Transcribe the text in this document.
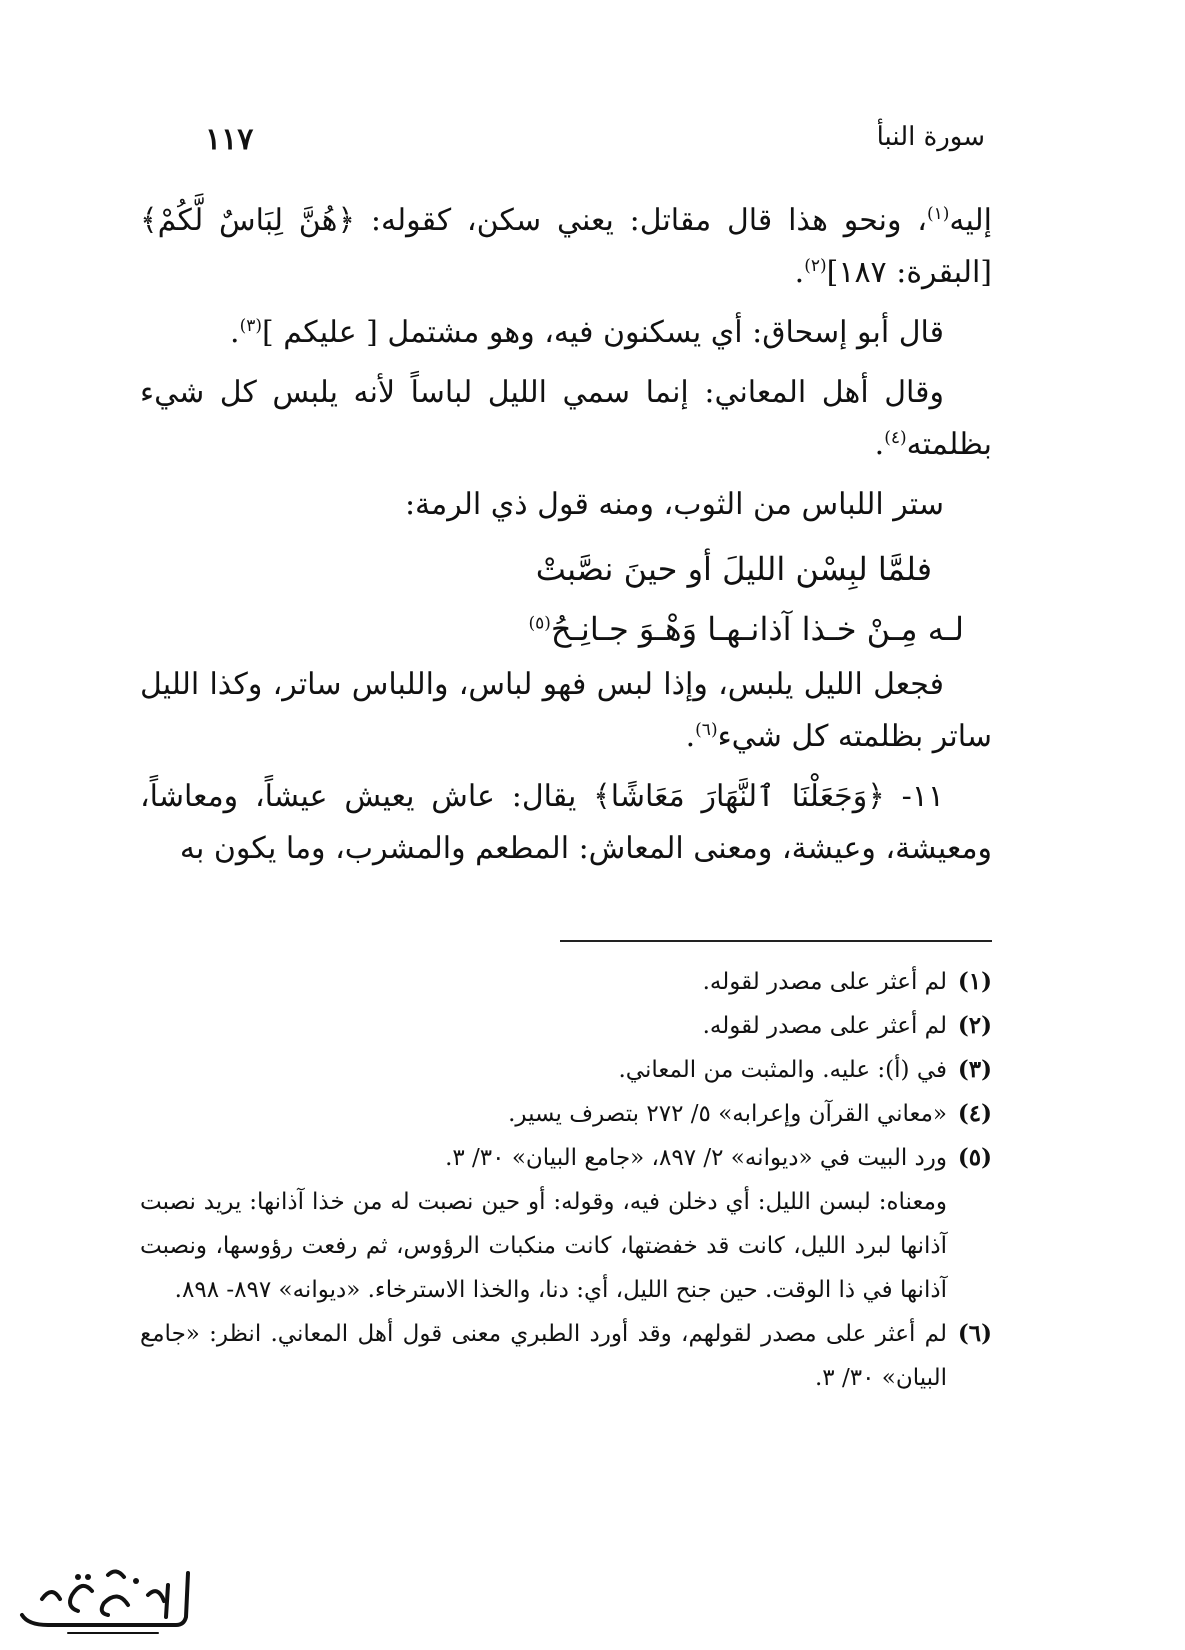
سورة النبأ
١١٧

إليه$^{(١)}$، ونحو هذا قال مقاتل: يعني سكن، كقوله: ﴿هُنَّ لِبَاسٌ لَّكُمْ﴾ [البقرة: ١٨٧]$^{(٢)}$.

قال أبو إسحاق: أي يسكنون فيه، وهو مشتمل [ عليكم ]$^{(٣)}$.

وقال أهل المعاني: إنما سمي الليل لباساً لأنه يلبس كل شيء بظلمته$^{(٤)}$.

ستر اللباس من الثوب، ومنه قول ذي الرمة:

فلمَّا لبِسْن الليلَ أو حينَ نصَّبتْ

لـه مِـنْ خـذا آذانـهـا وَهْـوَ جـانِـحُ$^{(٥)}$

فجعل الليل يلبس، وإذا لبس فهو لباس، واللباس ساتر، وكذا الليل ساتر بظلمته كل شيء$^{(٦)}$.

١١- ﴿وَجَعَلْنَا ٱلنَّهَارَ مَعَاشًا﴾ يقال: عاش يعيش عيشاً، ومعاشاً، ومعيشة، وعيشة، ومعنى المعاش: المطعم والمشرب، وما يكون به

(١)
لم أعثر على مصدر لقوله.
(٢)
لم أعثر على مصدر لقوله.
(٣)
في (أ): عليه. والمثبت من المعاني.
(٤)
«معاني القرآن وإعرابه» ٥/ ٢٧٢ بتصرف يسير.
(٥)
ورد البيت في «ديوانه» ٢/ ٨٩٧، «جامع البيان» ٣٠/ ٣.

ومعناه: لبسن الليل: أي دخلن فيه، وقوله: أو حين نصبت له من خذا آذانها: يريد نصبت آذانها لبرد الليل، كانت قد خفضتها، كانت منكبات الرؤوس، ثم رفعت رؤوسها، ونصبت آذانها في ذا الوقت. حين جنح الليل، أي: دنا، والخذا الاسترخاء. «ديوانه» ٨٩٧- ٨٩٨.

(٦)
لم أعثر على مصدر لقولهم، وقد أورد الطبري معنى قول أهل المعاني. انظر: «جامع البيان» ٣٠/ ٣.
